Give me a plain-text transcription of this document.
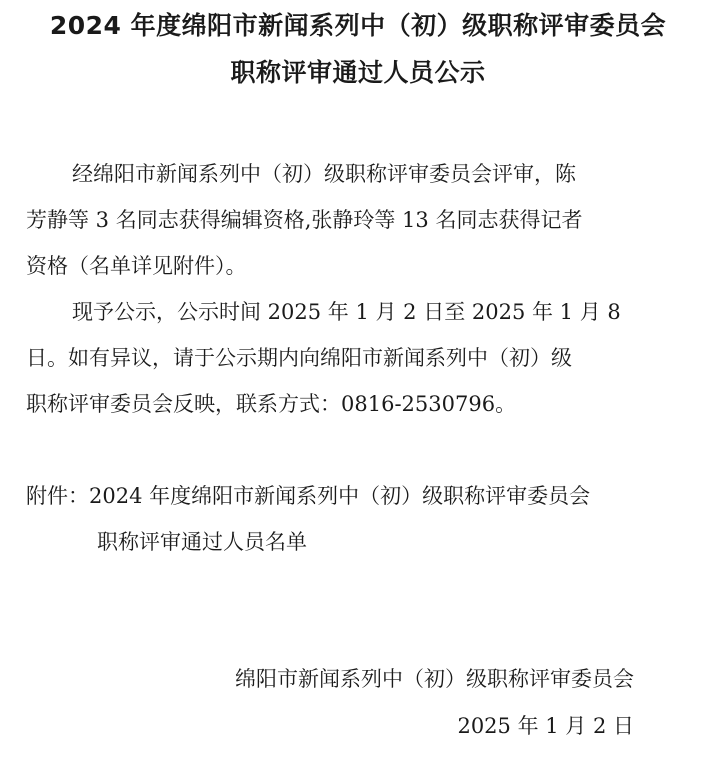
2024 年度绵阳市新闻系列中（初）级职称评审委员会
职称评审通过人员公示

经绵阳市新闻系列中（初）级职称评审委员会评审，陈

芳静等 3 名同志获得编辑资格,张静玲等 13 名同志获得记者

资格（名单详见附件）。

现予公示，公示时间 2025 年 1 月 2 日至 2025 年 1 月 8

日。如有异议，请于公示期内向绵阳市新闻系列中（初）级

职称评审委员会反映，联系方式：0816-2530796。

附件：2024 年度绵阳市新闻系列中（初）级职称评审委员会

职称评审通过人员名单

绵阳市新闻系列中（初）级职称评审委员会
2025 年 1 月 2 日
